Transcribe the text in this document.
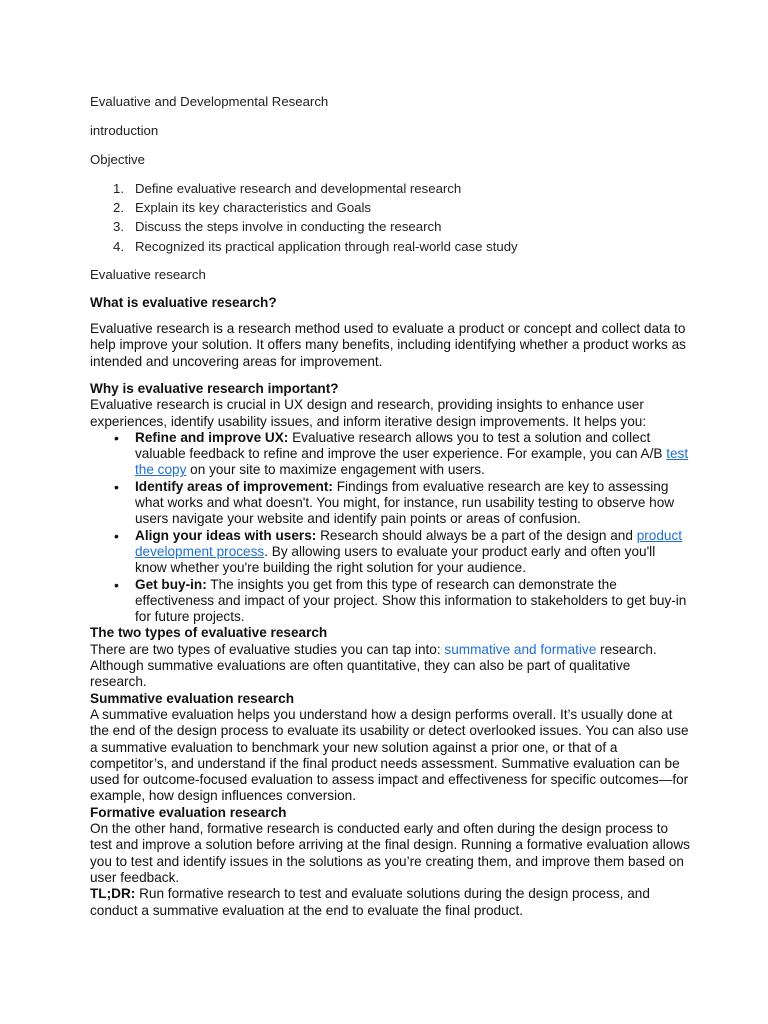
Evaluative and Developmental Research
introduction
Objective
1. Define evaluative research and developmental research
2. Explain its key characteristics and Goals
3. Discuss the steps involve in conducting the research
4. Recognized its practical application through real-world case study
Evaluative research
What is evaluative research?
Evaluative research is a research method used to evaluate a product or concept and collect data to help improve your solution. It offers many benefits, including identifying whether a product works as intended and uncovering areas for improvement.
Why is evaluative research important?
Evaluative research is crucial in UX design and research, providing insights to enhance user experiences, identify usability issues, and inform iterative design improvements. It helps you:
• Refine and improve UX: Evaluative research allows you to test a solution and collect valuable feedback to refine and improve the user experience. For example, you can A/B test the copy on your site to maximize engagement with users.
• Identify areas of improvement: Findings from evaluative research are key to assessing what works and what doesn't. You might, for instance, run usability testing to observe how users navigate your website and identify pain points or areas of confusion.
• Align your ideas with users: Research should always be a part of the design and product development process. By allowing users to evaluate your product early and often you'll know whether you're building the right solution for your audience.
• Get buy-in: The insights you get from this type of research can demonstrate the effectiveness and impact of your project. Show this information to stakeholders to get buy-in for future projects.
The two types of evaluative research
There are two types of evaluative studies you can tap into: summative and formative research. Although summative evaluations are often quantitative, they can also be part of qualitative research.
Summative evaluation research
A summative evaluation helps you understand how a design performs overall. It’s usually done at the end of the design process to evaluate its usability or detect overlooked issues. You can also use a summative evaluation to benchmark your new solution against a prior one, or that of a competitor’s, and understand if the final product needs assessment. Summative evaluation can be used for outcome-focused evaluation to assess impact and effectiveness for specific outcomes—for example, how design influences conversion.
Formative evaluation research
On the other hand, formative research is conducted early and often during the design process to test and improve a solution before arriving at the final design. Running a formative evaluation allows you to test and identify issues in the solutions as you’re creating them, and improve them based on user feedback.
TL;DR: Run formative research to test and evaluate solutions during the design process, and conduct a summative evaluation at the end to evaluate the final product.
